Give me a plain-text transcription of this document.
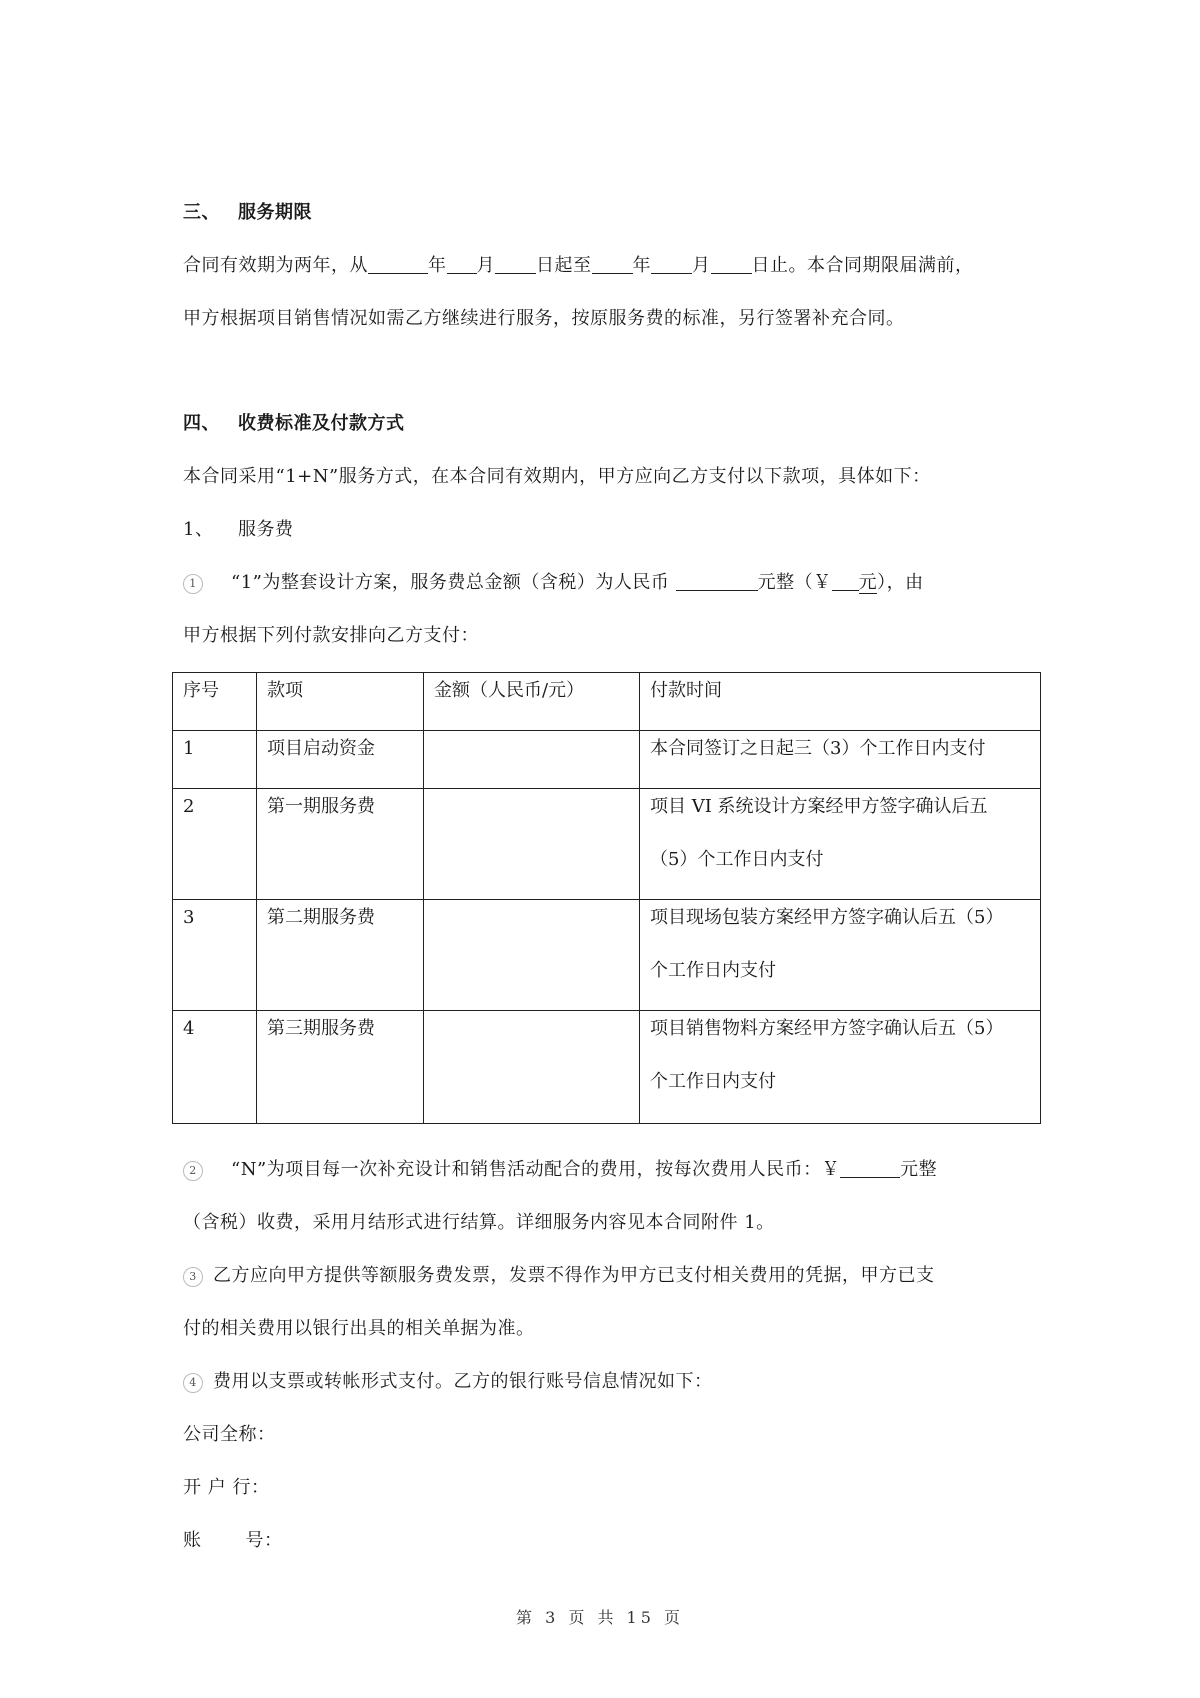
三、 服务期限
合同有效期为两年，从	年 月 日起至 年 月 日止。本合同期限届满前，
甲方根据项目销售情况如需乙方继续进行服务，按原服务费的标准，另行签署补充合同。
四、 收费标准及付款方式
本合同采用“1+N”服务方式，在本合同有效期内，甲方应向乙方支付以下款项，具体如下：
1、 服务费
1 “1”为整套设计方案，服务费总金额（含税）为人民币	元整（￥ 元），由
甲方根据下列付款安排向乙方支付：
序号	款项	金额（人民币/元）	付款时间

1	项目启动资金		本合同签订之日起三（3）个工作日内支付

2	第一期服务费		项目 VI 系统设计方案经甲方签字确认后五
（5）个工作日内支付

3	第二期服务费		项目现场包装方案经甲方签字确认后五（5）
个工作日内支付

4	第三期服务费		项目销售物料方案经甲方签字确认后五（5）
个工作日内支付
2 “N”为项目每一次补充设计和销售活动配合的费用，按每次费用人民币：￥	元整
（含税）收费，采用月结形式进行结算。详细服务内容见本合同附件 1。
3 乙方应向甲方提供等额服务费发票，发票不得作为甲方已支付相关费用的凭据，甲方已支
付的相关费用以银行出具的相关单据为准。
4 费用以支票或转帐形式支付。乙方的银行账号信息情况如下：
公司全称：
开 户 行：
账 号：
第 3 页 共 15 页
